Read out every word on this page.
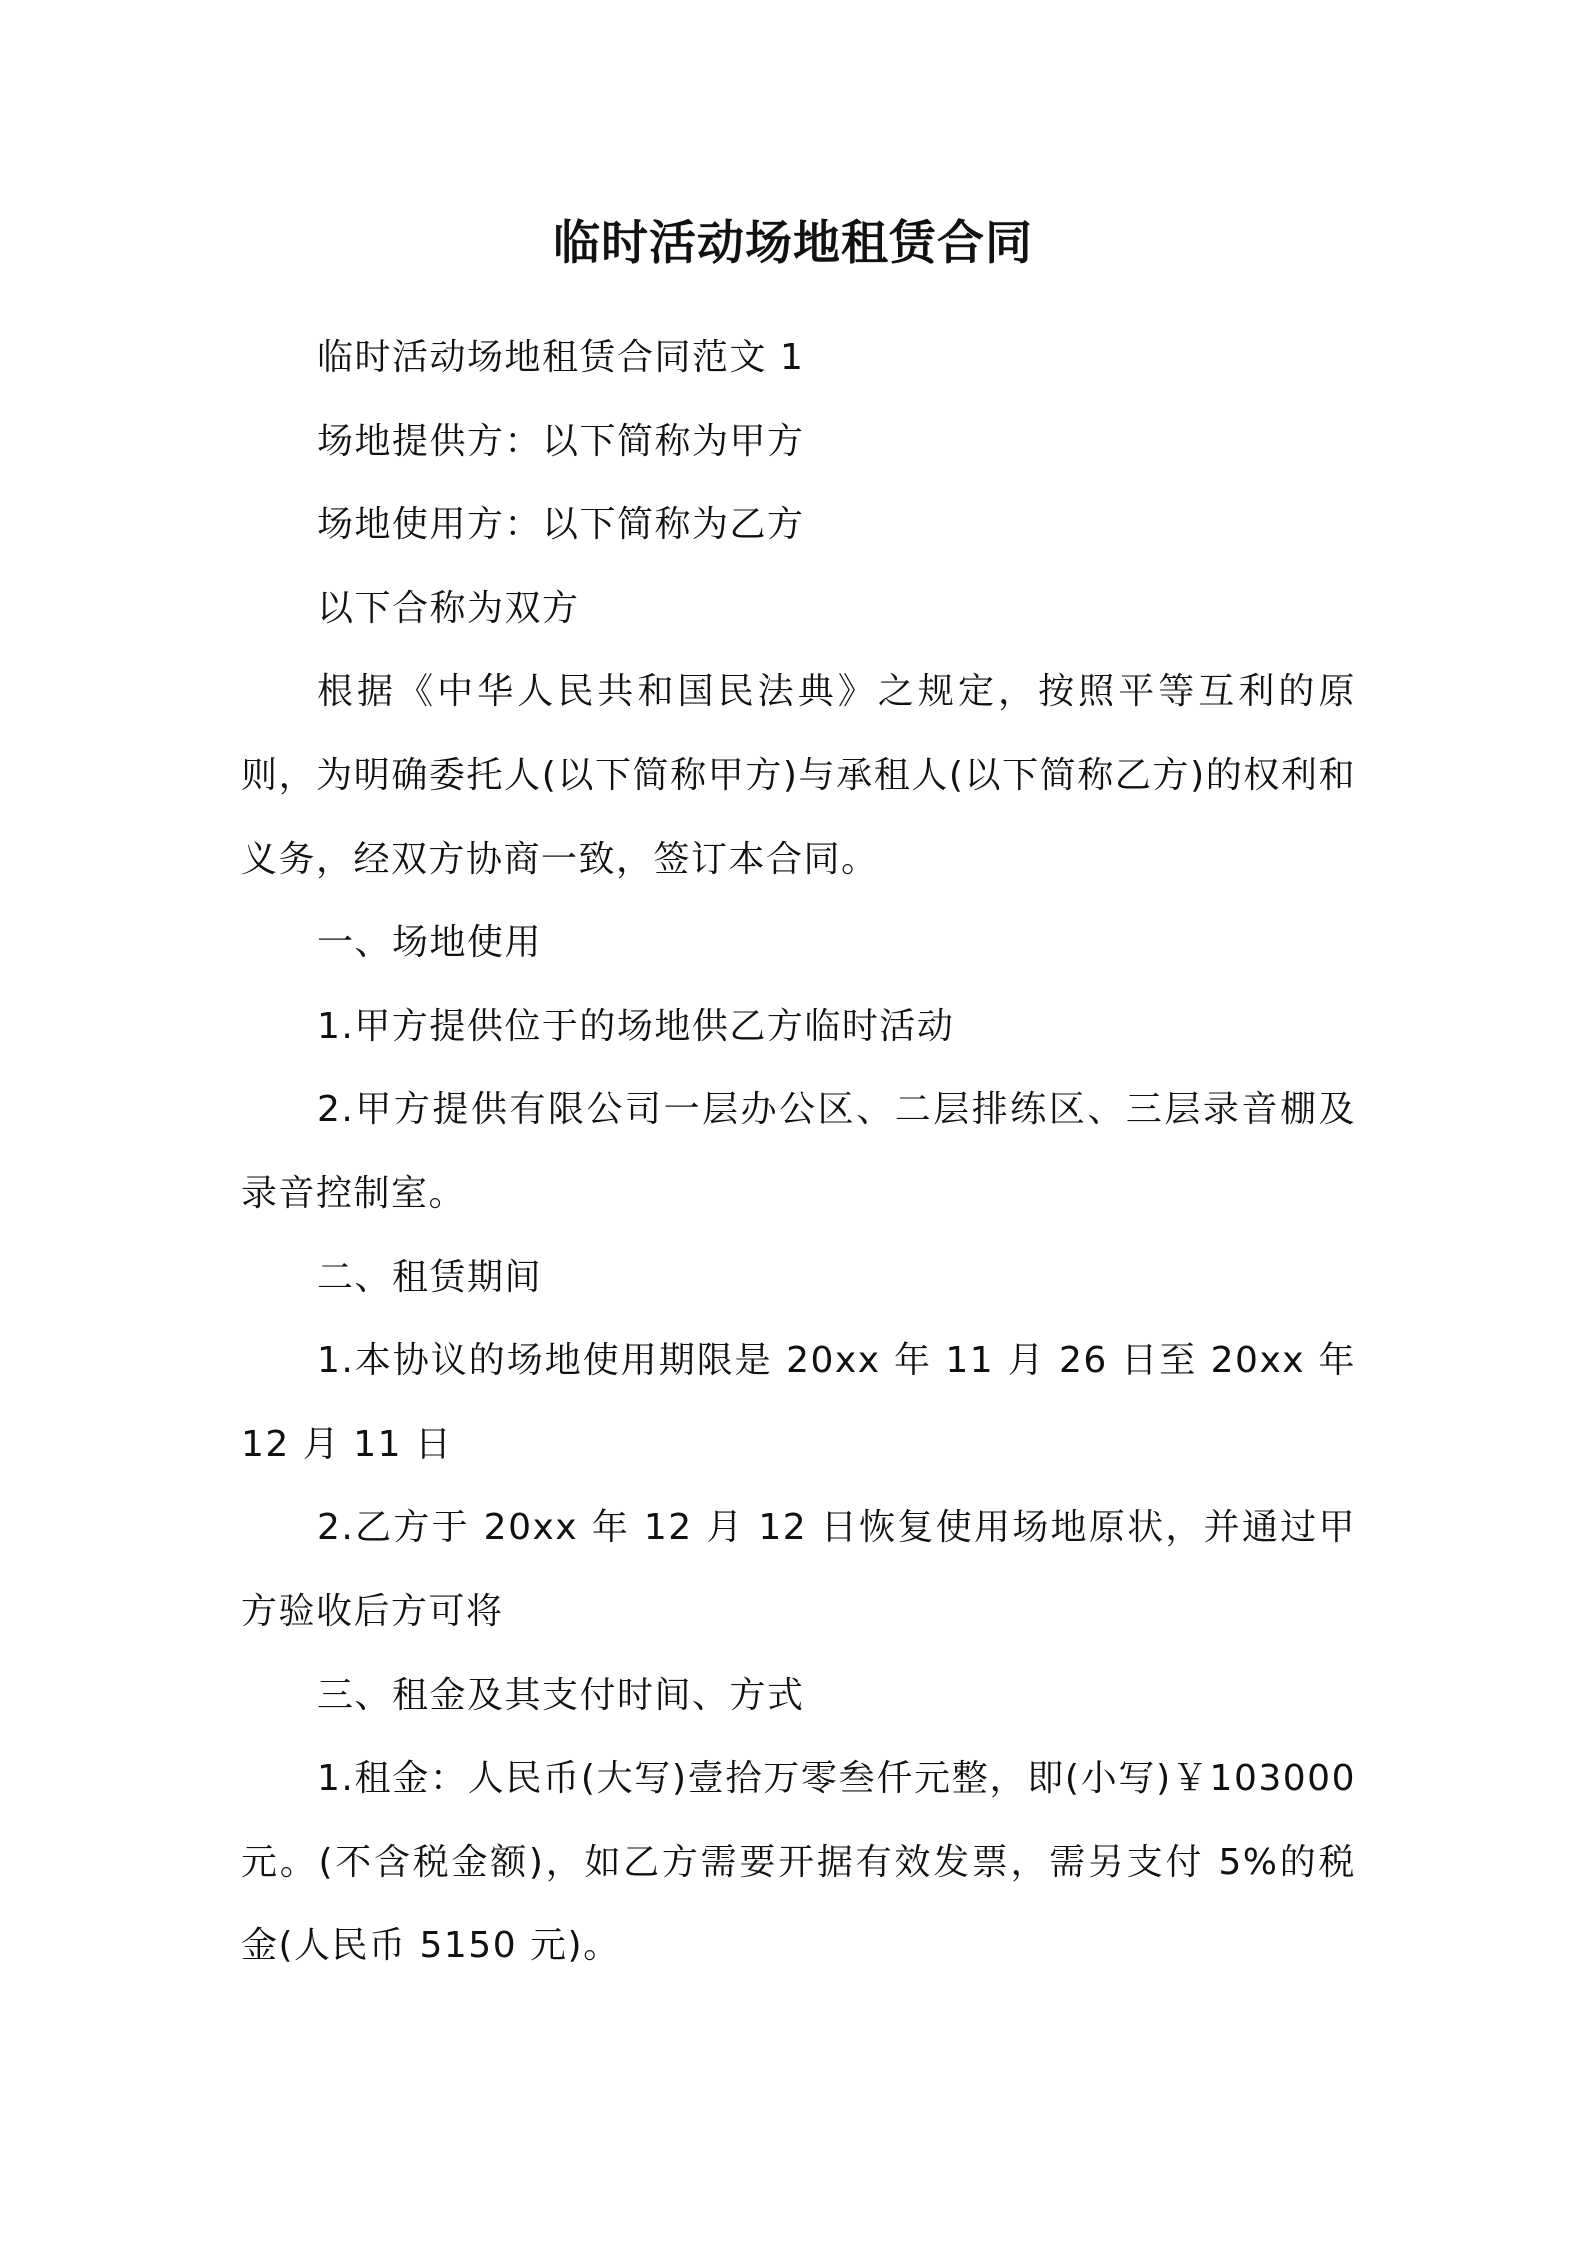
临时活动场地租赁合同

临时活动场地租赁合同范文 1

场地提供方：以下简称为甲方

场地使用方：以下简称为乙方

以下合称为双方

根据《中华人民共和国民法典》之规定，按照平等互利的原则，为明确委托人(以下简称甲方)与承租人(以下简称乙方)的权利和义务，经双方协商一致，签订本合同。

一、场地使用

1.甲方提供位于的场地供乙方临时活动

2.甲方提供有限公司一层办公区、二层排练区、三层录音棚及录音控制室。

二、租赁期间

1.本协议的场地使用期限是 20xx 年 11 月 26 日至 20xx 年 12 月 11 日

2.乙方于 20xx 年 12 月 12 日恢复使用场地原状，并通过甲方验收后方可将

三、租金及其支付时间、方式

1.租金：人民币(大写)壹拾万零叁仟元整，即(小写)￥103000 元。(不含税金额)，如乙方需要开据有效发票，需另支付 5%的税金(人民币 5150 元)。
